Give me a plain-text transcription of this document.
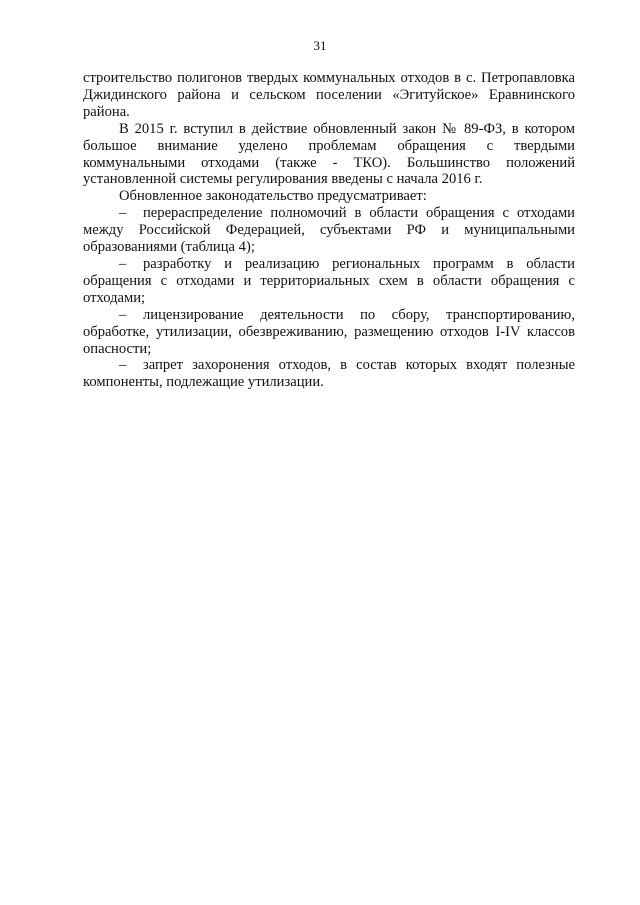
31

строительство полигонов твердых коммунальных отходов в с. Петропавловка Джидинского района и сельском поселении «Эгитуйское» Еравнинского района.

В 2015 г. вступил в действие обновленный закон № 89-ФЗ, в котором большое внимание уделено проблемам обращения с твердыми коммунальными отходами (также - ТКО). Большинство положений установленной системы регулирования введены с начала 2016 г.

Обновленное законодательство предусматривает:

– перераспределение полномочий в области обращения с отходами между Российской Федерацией, субъектами РФ и муниципальными образованиями (таблица 4);

– разработку и реализацию региональных программ в области обращения с отходами и территориальных схем в области обращения с отходами;

– лицензирование деятельности по сбору, транспортированию, обработке, утилизации, обезвреживанию, размещению отходов I-IV классов опасности;

– запрет захоронения отходов, в состав которых входят полезные компоненты, подлежащие утилизации.
